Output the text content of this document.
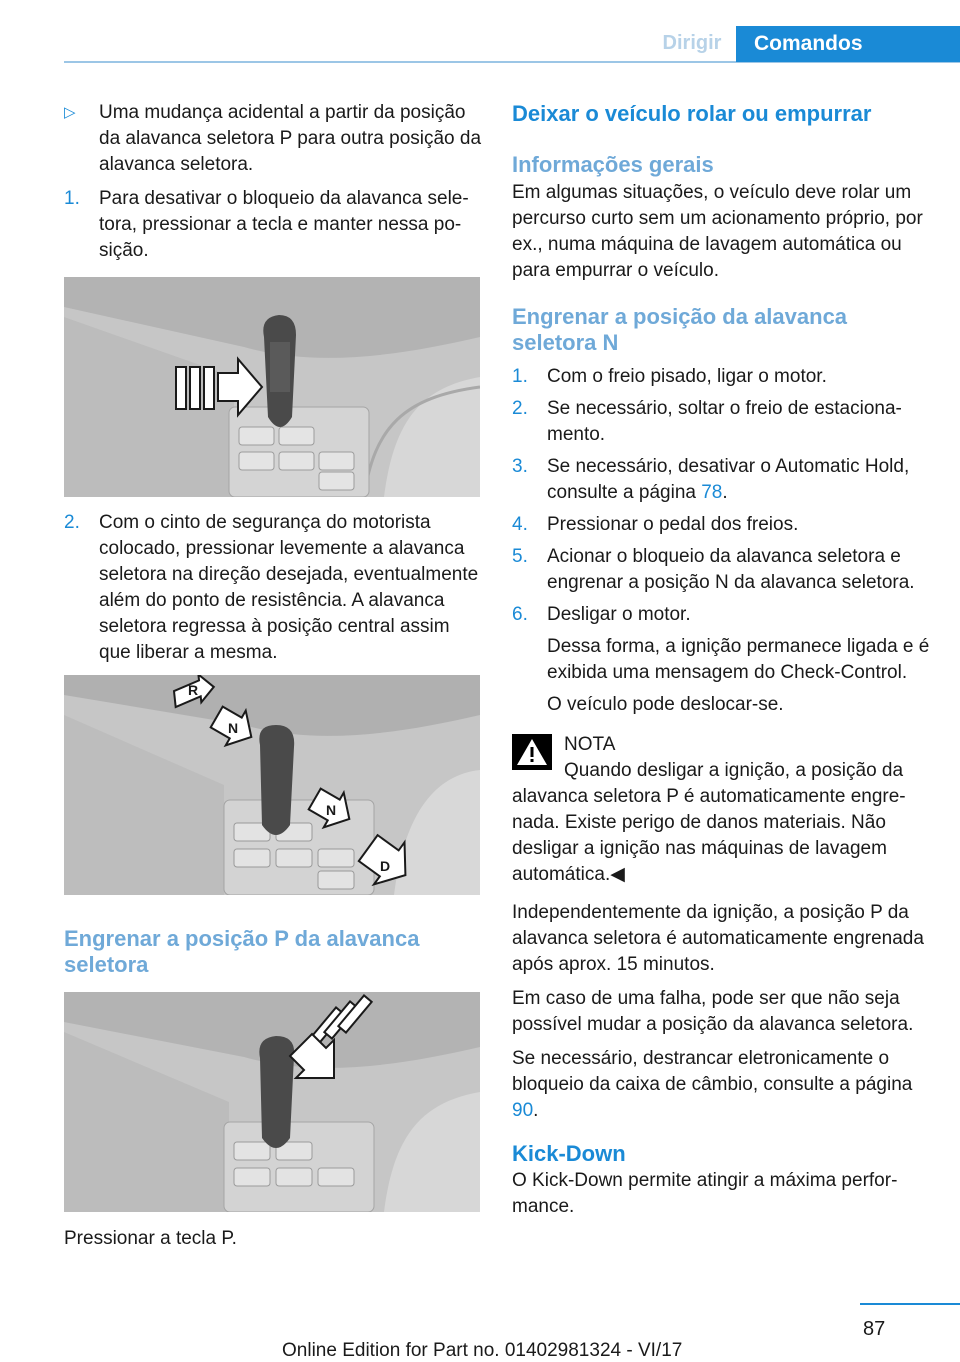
Dirigir	Comandos
▷	Uma mudança acidental a partir da posição da alavanca seletora P para outra posição da alavanca seletora.
1.	Para desativar o bloqueio da alavanca seletora, pressionar a tecla e manter nessa posição.
2.	Com o cinto de segurança do motorista colocado, pressionar levemente a alavanca seletora na direção desejada, eventualmente além do ponto de resistência. A alavanca seletora regressa à posição central assim que liberar a mesma.
R
N
N
D
Engrenar a posição P da alavanca seletora
Pressionar a tecla P.
Deixar o veículo rolar ou empurrar
Informações gerais

Em algumas situações, o veículo deve rolar um percurso curto sem um acionamento próprio, por ex., numa máquina de lavagem automática ou para empurrar o veículo.

Engrenar a posição da alavanca seletora N
1.	Com o freio pisado, ligar o motor.
2.	Se necessário, soltar o freio de estacionamento.
3.	Se necessário, desativar o Automatic Hold, consulte a página 78.
4.	Pressionar o pedal dos freios.
5.	Acionar o bloqueio da alavanca seletora e engrenar a posição N da alavanca seletora.
6.	Desligar o motor.
Dessa forma, a ignição permanece ligada e é exibida uma mensagem do Check-Control.
O veículo pode deslocar-se.
NOTA
Quando desligar a ignição, a posição da

alavanca seletora P é automaticamente engrenada. Existe perigo de danos materiais. Não desligar a ignição nas máquinas de lavagem automática.◀

Independentemente da ignição, a posição P da alavanca seletora é automaticamente engrenada após aprox. 15 minutos.

Em caso de uma falha, pode ser que não seja possível mudar a posição da alavanca seletora.

Se necessário, destrancar eletronicamente o bloqueio da caixa de câmbio, consulte a página 90.

Kick-Down

O Kick-Down permite atingir a máxima performance.

87
Online Edition for Part no. 01402981324 - VI/17
